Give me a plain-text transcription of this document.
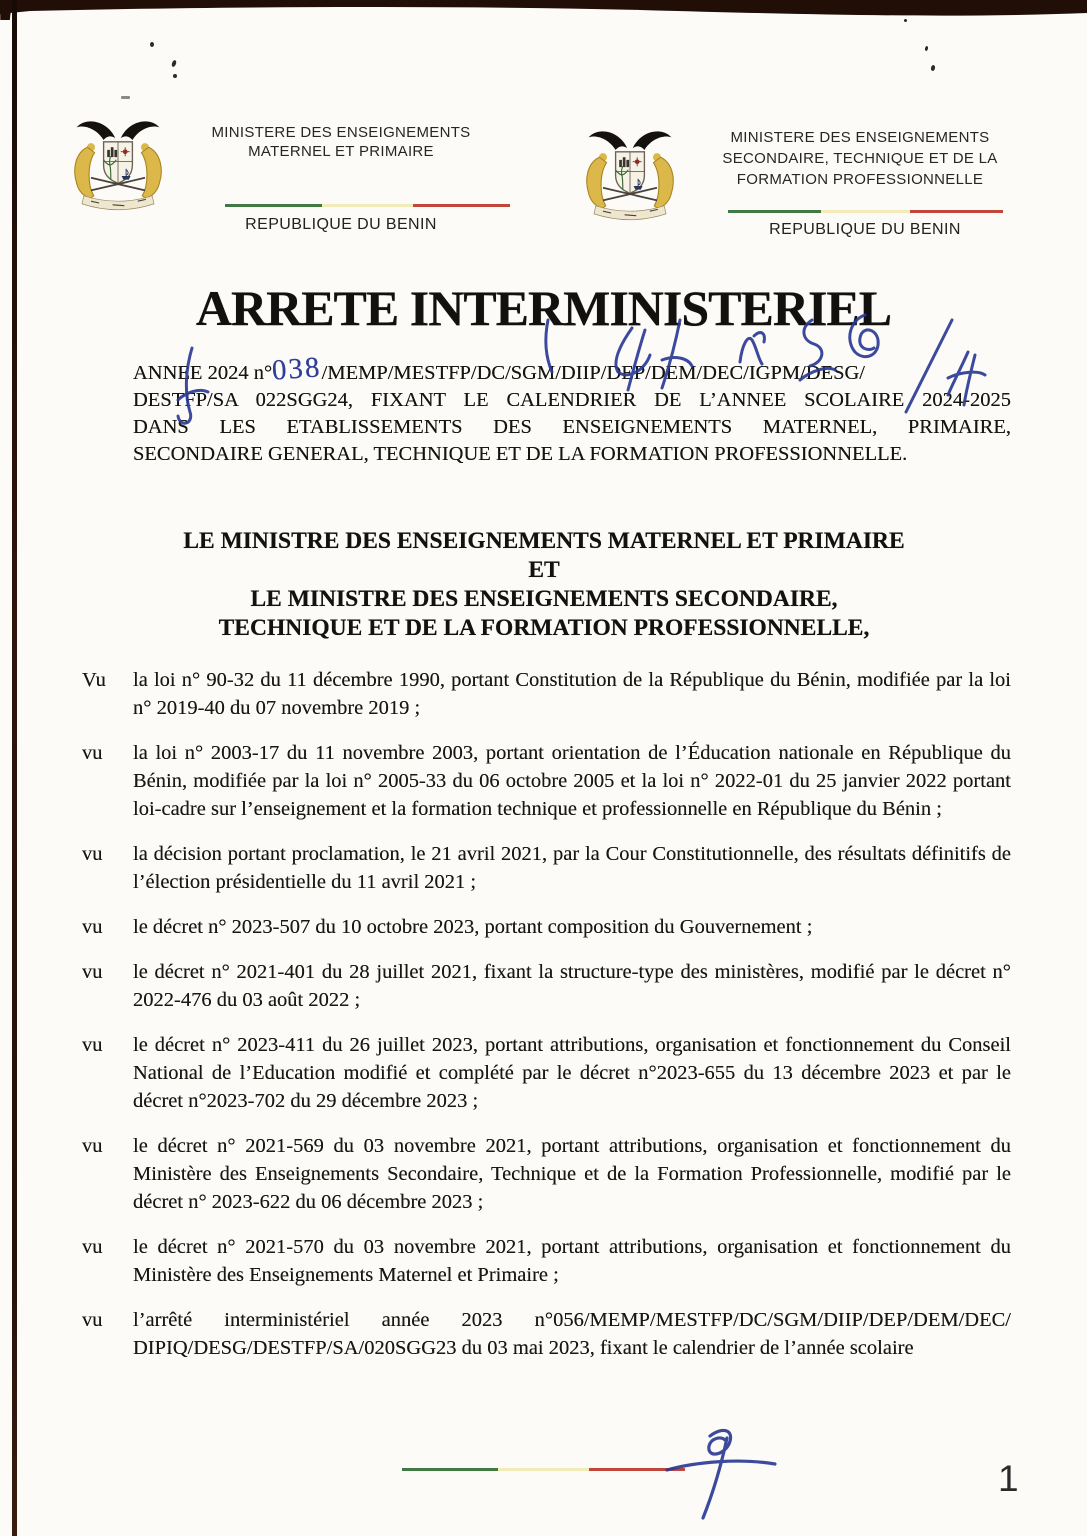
MINISTERE DES ENSEIGNEMENTS
MATERNEL ET PRIMAIRE
REPUBLIQUE DU BENIN
MINISTERE DES ENSEIGNEMENTS
SECONDAIRE, TECHNIQUE ET DE LA
FORMATION PROFESSIONNELLE
REPUBLIQUE DU BENIN
ARRETE INTERMINISTERIEL
ANNEE 2024 n°038/MEMP/MESTFP/DC/SGM/DIIP/DEP/DEM/DEC/IGPM/DESG/
DESTFP/SA 022SGG24, FIXANT LE CALENDRIER DE L’ANNEE SCOLAIRE 2024-2025
DANS LES ETABLISSEMENTS DES ENSEIGNEMENTS MATERNEL, PRIMAIRE,
SECONDAIRE GENERAL, TECHNIQUE ET DE LA FORMATION PROFESSIONNELLE.
LE MINISTRE DES ENSEIGNEMENTS MATERNEL ET PRIMAIRE
ET
LE MINISTRE DES ENSEIGNEMENTS SECONDAIRE,
TECHNIQUE ET DE LA FORMATION PROFESSIONNELLE,
Vu	la loi n° 90-32 du 11 décembre 1990, portant Constitution de la République du Bénin, modifiée par la loi n° 2019-40 du 07 novembre 2019 ;
vu	la loi n° 2003-17 du 11 novembre 2003, portant orientation de l’Éducation nationale en République du Bénin, modifiée par la loi n° 2005-33 du 06 octobre 2005 et la loi n° 2022-01 du 25 janvier 2022 portant loi-cadre sur l’enseignement et la formation technique et professionnelle en République du Bénin ;
vu	la décision portant proclamation, le 21 avril 2021, par la Cour Constitutionnelle, des résultats définitifs de l’élection présidentielle du 11 avril 2021 ;
vu	le décret n° 2023-507 du 10 octobre 2023, portant composition du Gouvernement ;
vu	le décret n° 2021-401 du 28 juillet 2021, fixant la structure-type des ministères, modifié par le décret n° 2022-476 du 03 août 2022 ;
vu	le décret n° 2023-411 du 26 juillet 2023, portant attributions, organisation et fonctionnement du Conseil National de l’Education modifié et complété par le décret n°2023-655 du 13 décembre 2023 et par le décret n°2023-702 du 29 décembre 2023 ;
vu	le décret n° 2021-569 du 03 novembre 2021, portant attributions, organisation et fonctionnement du Ministère des Enseignements Secondaire, Technique et de la Formation Professionnelle, modifié par le décret n° 2023-622 du 06 décembre 2023 ;
vu	le décret n° 2021-570 du 03 novembre 2021, portant attributions, organisation et fonctionnement du Ministère des Enseignements Maternel et Primaire ;
vu	l’arrêté interministériel année 2023 n°056/MEMP/MESTFP/DC/SGM/DIIP/DEP/DEM/DEC/ DIPIQ/DESG/DESTFP/SA/020SGG23 du 03 mai 2023, fixant le calendrier de l’année scolaire
1
